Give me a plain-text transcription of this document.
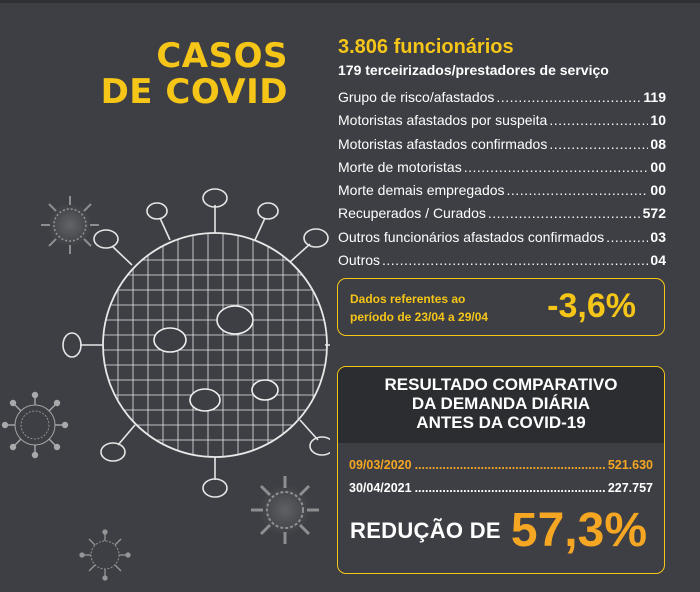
CASOS
DE COVID
3.806 funcionários
179 terceirizados/prestadores de serviço
Grupo de risco/afastados .....	119
Motoristas afastados por suspeita .....	10
Motoristas afastados confirmados .....	08
Morte de motoristas .....	00
Morte demais empregados .....	00
Recuperados / Curados .....	572
Outros funcionários afastados confirmados .....	03
Outros .....	04
Dados referentes ao
período de 23/04 a 29/04 -3,6%
RESULTADO COMPARATIVO
DA DEMANDA DIÁRIA
ANTES DA COVID-19
09/03/2020 .....	521.630
30/04/2021 .....	227.757
REDUÇÃO DE 57,3%
